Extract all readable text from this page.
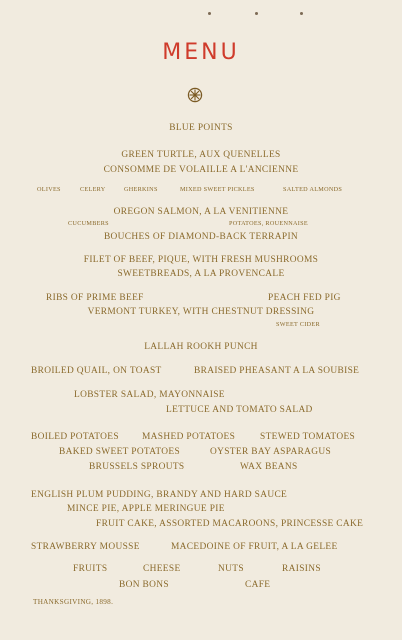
MENU
BLUE POINTS
GREEN TURTLE, AUX QUENELLES
CONSOMME DE VOLAILLE A L'ANCIENNE
OLIVES	CELERY	GHERKINS	MIXED SWEET PICKLES	SALTED ALMONDS
OREGON SALMON, A LA VENITIENNE
CUCUMBERS	POTATOES, ROUENNAISE
BOUCHES OF DIAMOND-BACK TERRAPIN
FILET OF BEEF, PIQUE, WITH FRESH MUSHROOMS
SWEETBREADS, A LA PROVENCALE
RIBS OF PRIME BEEF	PEACH FED PIG
VERMONT TURKEY, WITH CHESTNUT DRESSING
SWEET CIDER
LALLAH ROOKH PUNCH
BROILED QUAIL, ON TOAST	BRAISED PHEASANT A LA SOUBISE
LOBSTER SALAD, MAYONNAISE
LETTUCE AND TOMATO SALAD
BOILED POTATOES MASHED POTATOES	STEWED TOMATOES
BAKED SWEET POTATOES	OYSTER BAY ASPARAGUS
BRUSSELS SPROUTS	WAX BEANS
ENGLISH PLUM PUDDING, BRANDY AND HARD SAUCE
MINCE PIE, APPLE MERINGUE PIE
FRUIT CAKE, ASSORTED MACAROONS, PRINCESSE CAKE
STRAWBERRY MOUSSE	MACEDOINE OF FRUIT, A LA GELEE
FRUITS	CHEESE	NUTS	RAISINS
BON BONS	CAFE
THANKSGIVING, 1898.
